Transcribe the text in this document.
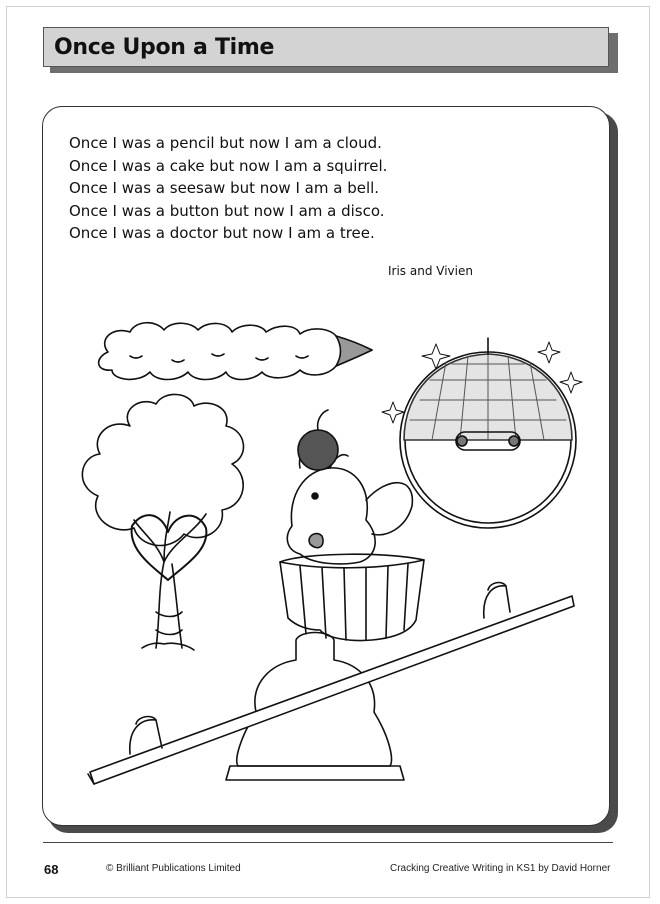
Once Upon a Time
Once I was a pencil but now I am a cloud.
Once I was a cake but now I am a squirrel.
Once I was a seesaw but now I am a bell.
Once I was a button but now I am a disco.
Once I was a doctor but now I am a tree.
Iris and Vivien
68	© Brilliant Publications Limited	Cracking Creative Writing in KS1 by David Horner
